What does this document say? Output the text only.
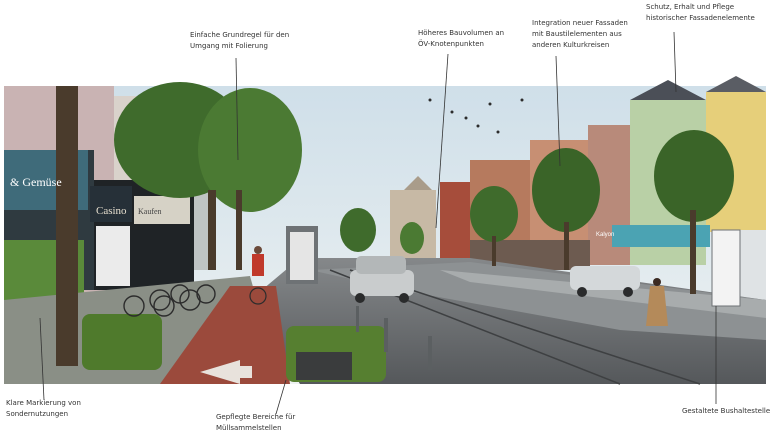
& Gemüse
Casino Kaufen
Kalyon
Einfache Grundregel für den
Umgang mit Folierung
Höheres Bauvolumen an
ÖV-Knotenpunkten
Integration neuer Fassaden
mit Baustilelementen aus
anderen Kulturkreisen
Schutz, Erhalt und Pflege
historischer Fassadenelemente
Klare Markierung von
Sondernutzungen	Gepflegte Bereiche für
Müllsammelstellen
Gestaltete Bushaltestelle
